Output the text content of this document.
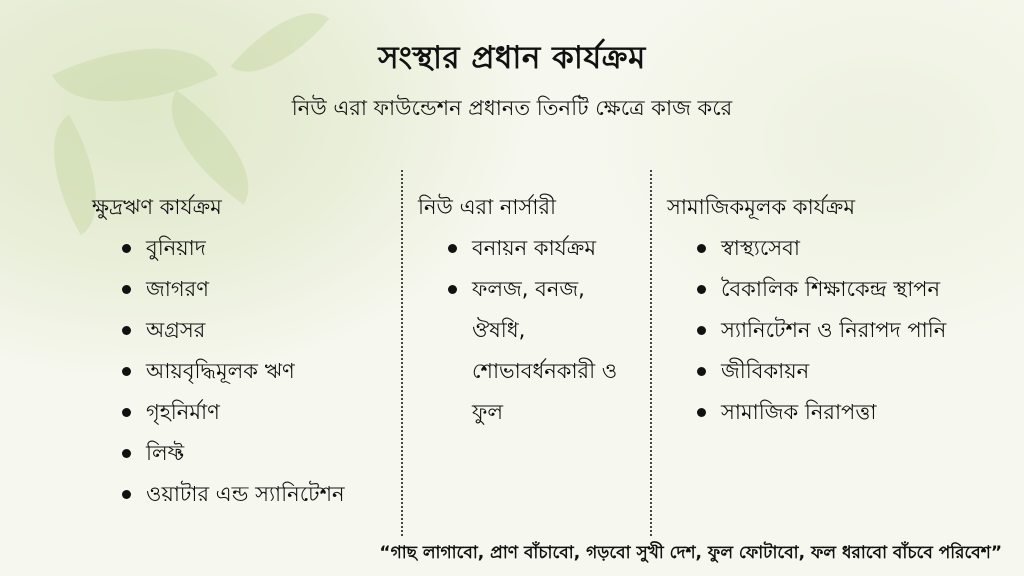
সংস্থার প্রধান কার্যক্রম
নিউ এরা ফাউন্ডেশন প্রধানত তিনটি ক্ষেত্রে কাজ করে
ক্ষুদ্রঋণ কার্যক্রম
বুনিয়াদ
জাগরণ
অগ্রসর
আয়বৃদ্ধিমূলক ঋণ
গৃহনির্মাণ
লিফ্ট
ওয়াটার এন্ড স্যানিটেশন
নিউ এরা নার্সারী
বনায়ন কার্যক্রম
ফলজ, বনজ,
ঔষধি,
শোভাবর্ধনকারী ও
ফুল
সামাজিকমূলক কার্যক্রম
স্বাস্থ্যসেবা
বৈকালিক শিক্ষাকেন্দ্র স্থাপন
স্যানিটেশন ও নিরাপদ পানি
জীবিকায়ন
সামাজিক নিরাপত্তা
“গাছ লাগাবো, প্রাণ বাঁচাবো, গড়বো সুখী দেশ, ফুল ফোটাবো, ফল ধরাবো বাঁচবে পরিবেশ”
